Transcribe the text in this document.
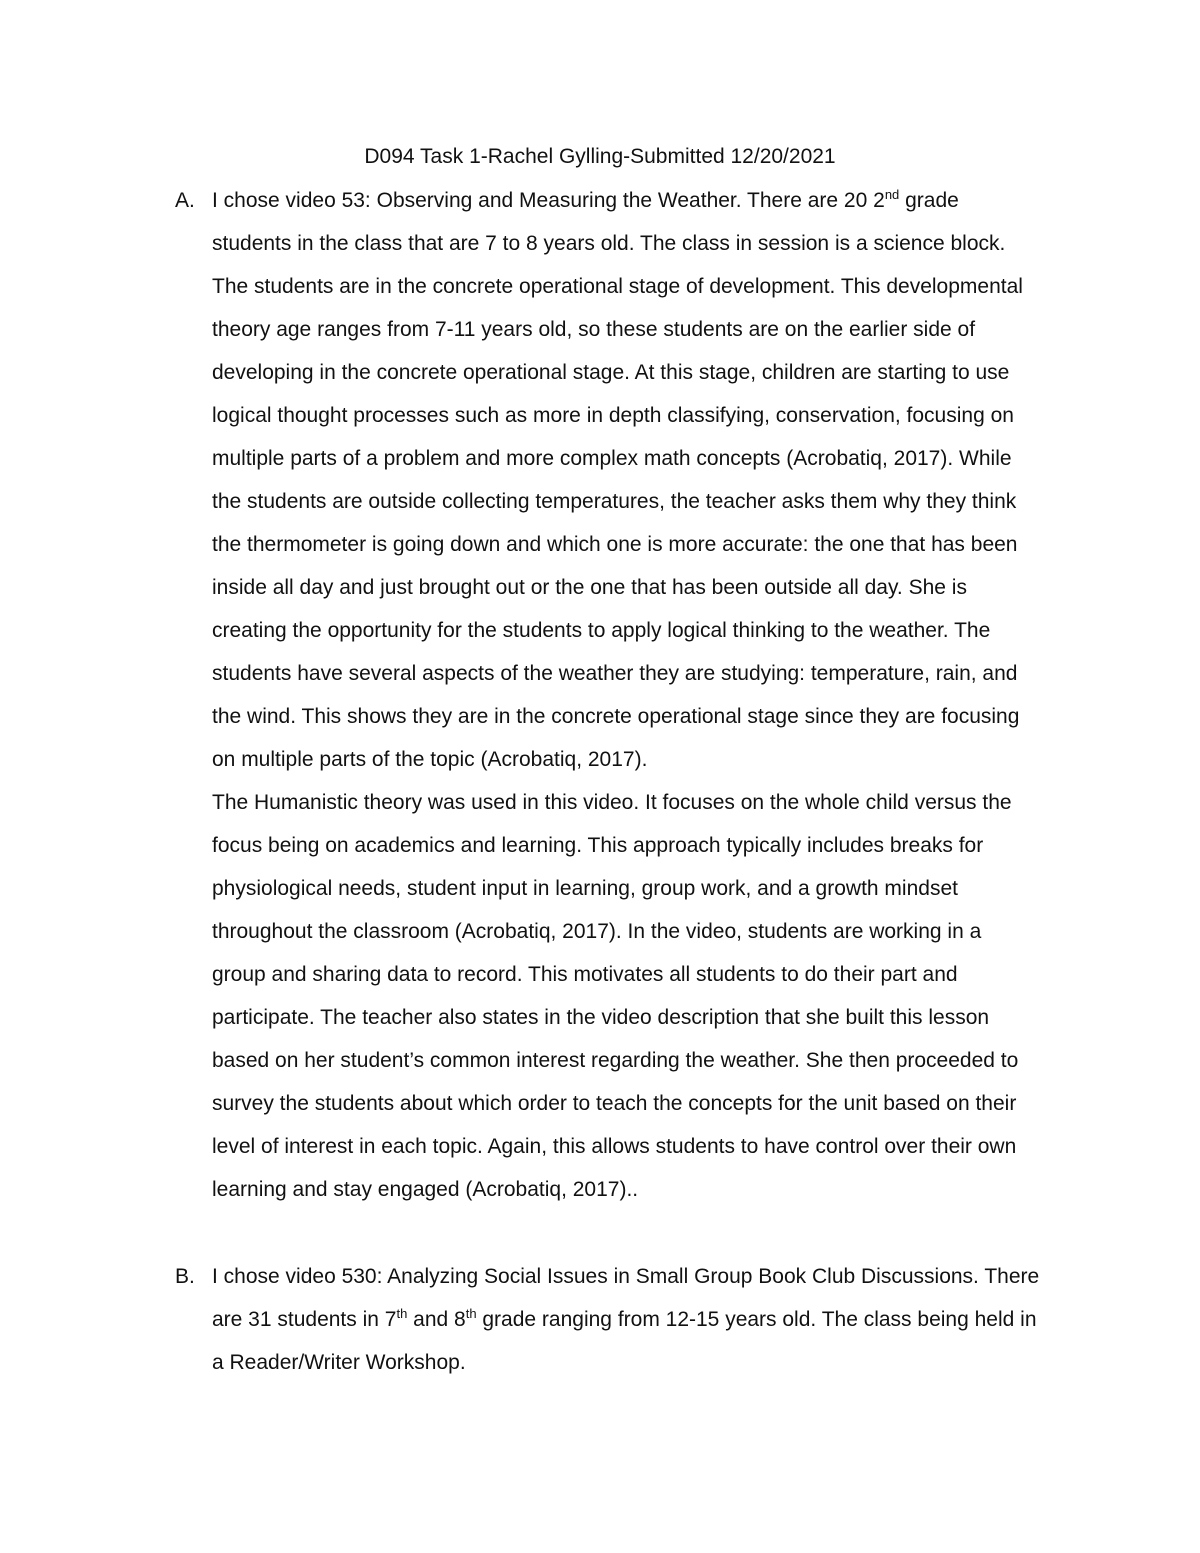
D094 Task 1-Rachel Gylling-Submitted 12/20/2021
A. I chose video 53: Observing and Measuring the Weather. There are 20 2nd grade
students in the class that are 7 to 8 years old. The class in session is a science block.
The students are in the concrete operational stage of development. This developmental
theory age ranges from 7-11 years old, so these students are on the earlier side of
developing in the concrete operational stage. At this stage, children are starting to use
logical thought processes such as more in depth classifying, conservation, focusing on
multiple parts of a problem and more complex math concepts (Acrobatiq, 2017). While
the students are outside collecting temperatures, the teacher asks them why they think
the thermometer is going down and which one is more accurate: the one that has been
inside all day and just brought out or the one that has been outside all day. She is
creating the opportunity for the students to apply logical thinking to the weather. The
students have several aspects of the weather they are studying: temperature, rain, and
the wind. This shows they are in the concrete operational stage since they are focusing
on multiple parts of the topic (Acrobatiq, 2017).
The Humanistic theory was used in this video. It focuses on the whole child versus the
focus being on academics and learning. This approach typically includes breaks for
physiological needs, student input in learning, group work, and a growth mindset
throughout the classroom (Acrobatiq, 2017). In the video, students are working in a
group and sharing data to record. This motivates all students to do their part and
participate. The teacher also states in the video description that she built this lesson
based on her student’s common interest regarding the weather. She then proceeded to
survey the students about which order to teach the concepts for the unit based on their
level of interest in each topic. Again, this allows students to have control over their own
learning and stay engaged (Acrobatiq, 2017)..
B. I chose video 530: Analyzing Social Issues in Small Group Book Club Discussions. There
are 31 students in 7th and 8th grade ranging from 12-15 years old. The class being held in
a Reader/Writer Workshop.
